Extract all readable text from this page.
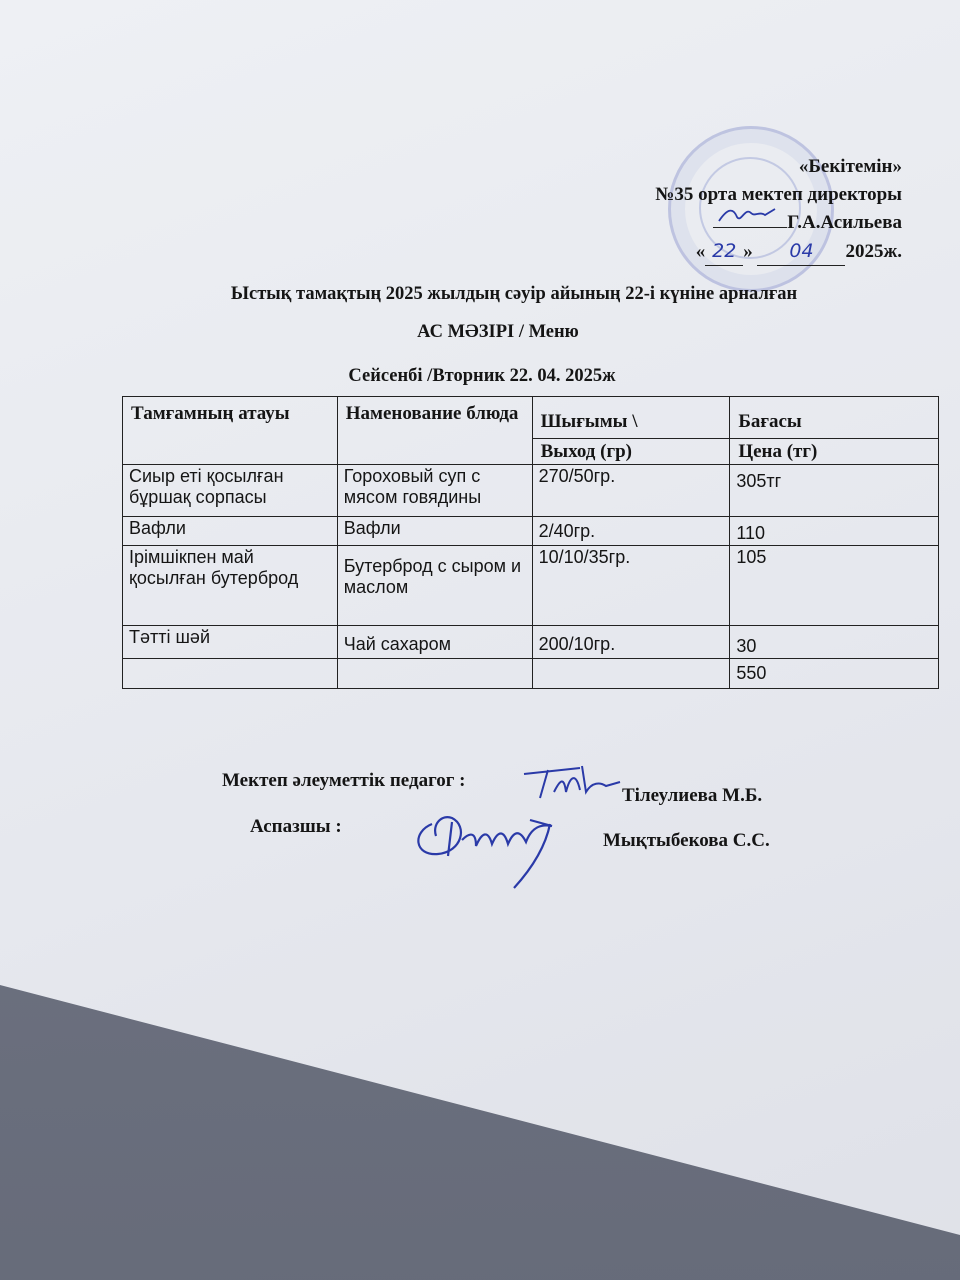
«Бекітемін»
№35 орта мектеп директоры
Г.А.Асильева
« 22 » 04 2025ж.
Ыстық тамақтың 2025 жылдың сәуір айының 22-і күніне арналған
АС МӘЗІРІ / Меню
Сейсенбі /Вторник 22. 04. 2025ж
Тамғамның атауы	Наменование блюда	Шығымы \	Бағасы
		Выход (гр)	Цена (тг)
Сиыр еті қосылған бұршақ сорпасы	Гороховый суп с мясом говядины	270/50гр.	305тг
Вафли	Вафли	2/40гр.	110
Ірімшікпен май қосылған бутерброд	Бутерброд с сыром и маслом	10/10/35гр.	105
Тәтті шәй	Чай сахаром	200/10гр.	30
			550
Мектеп әлеуметтік педагог :
Тілеулиева М.Б.
Аспазшы :
Мықтыбекова С.С.
